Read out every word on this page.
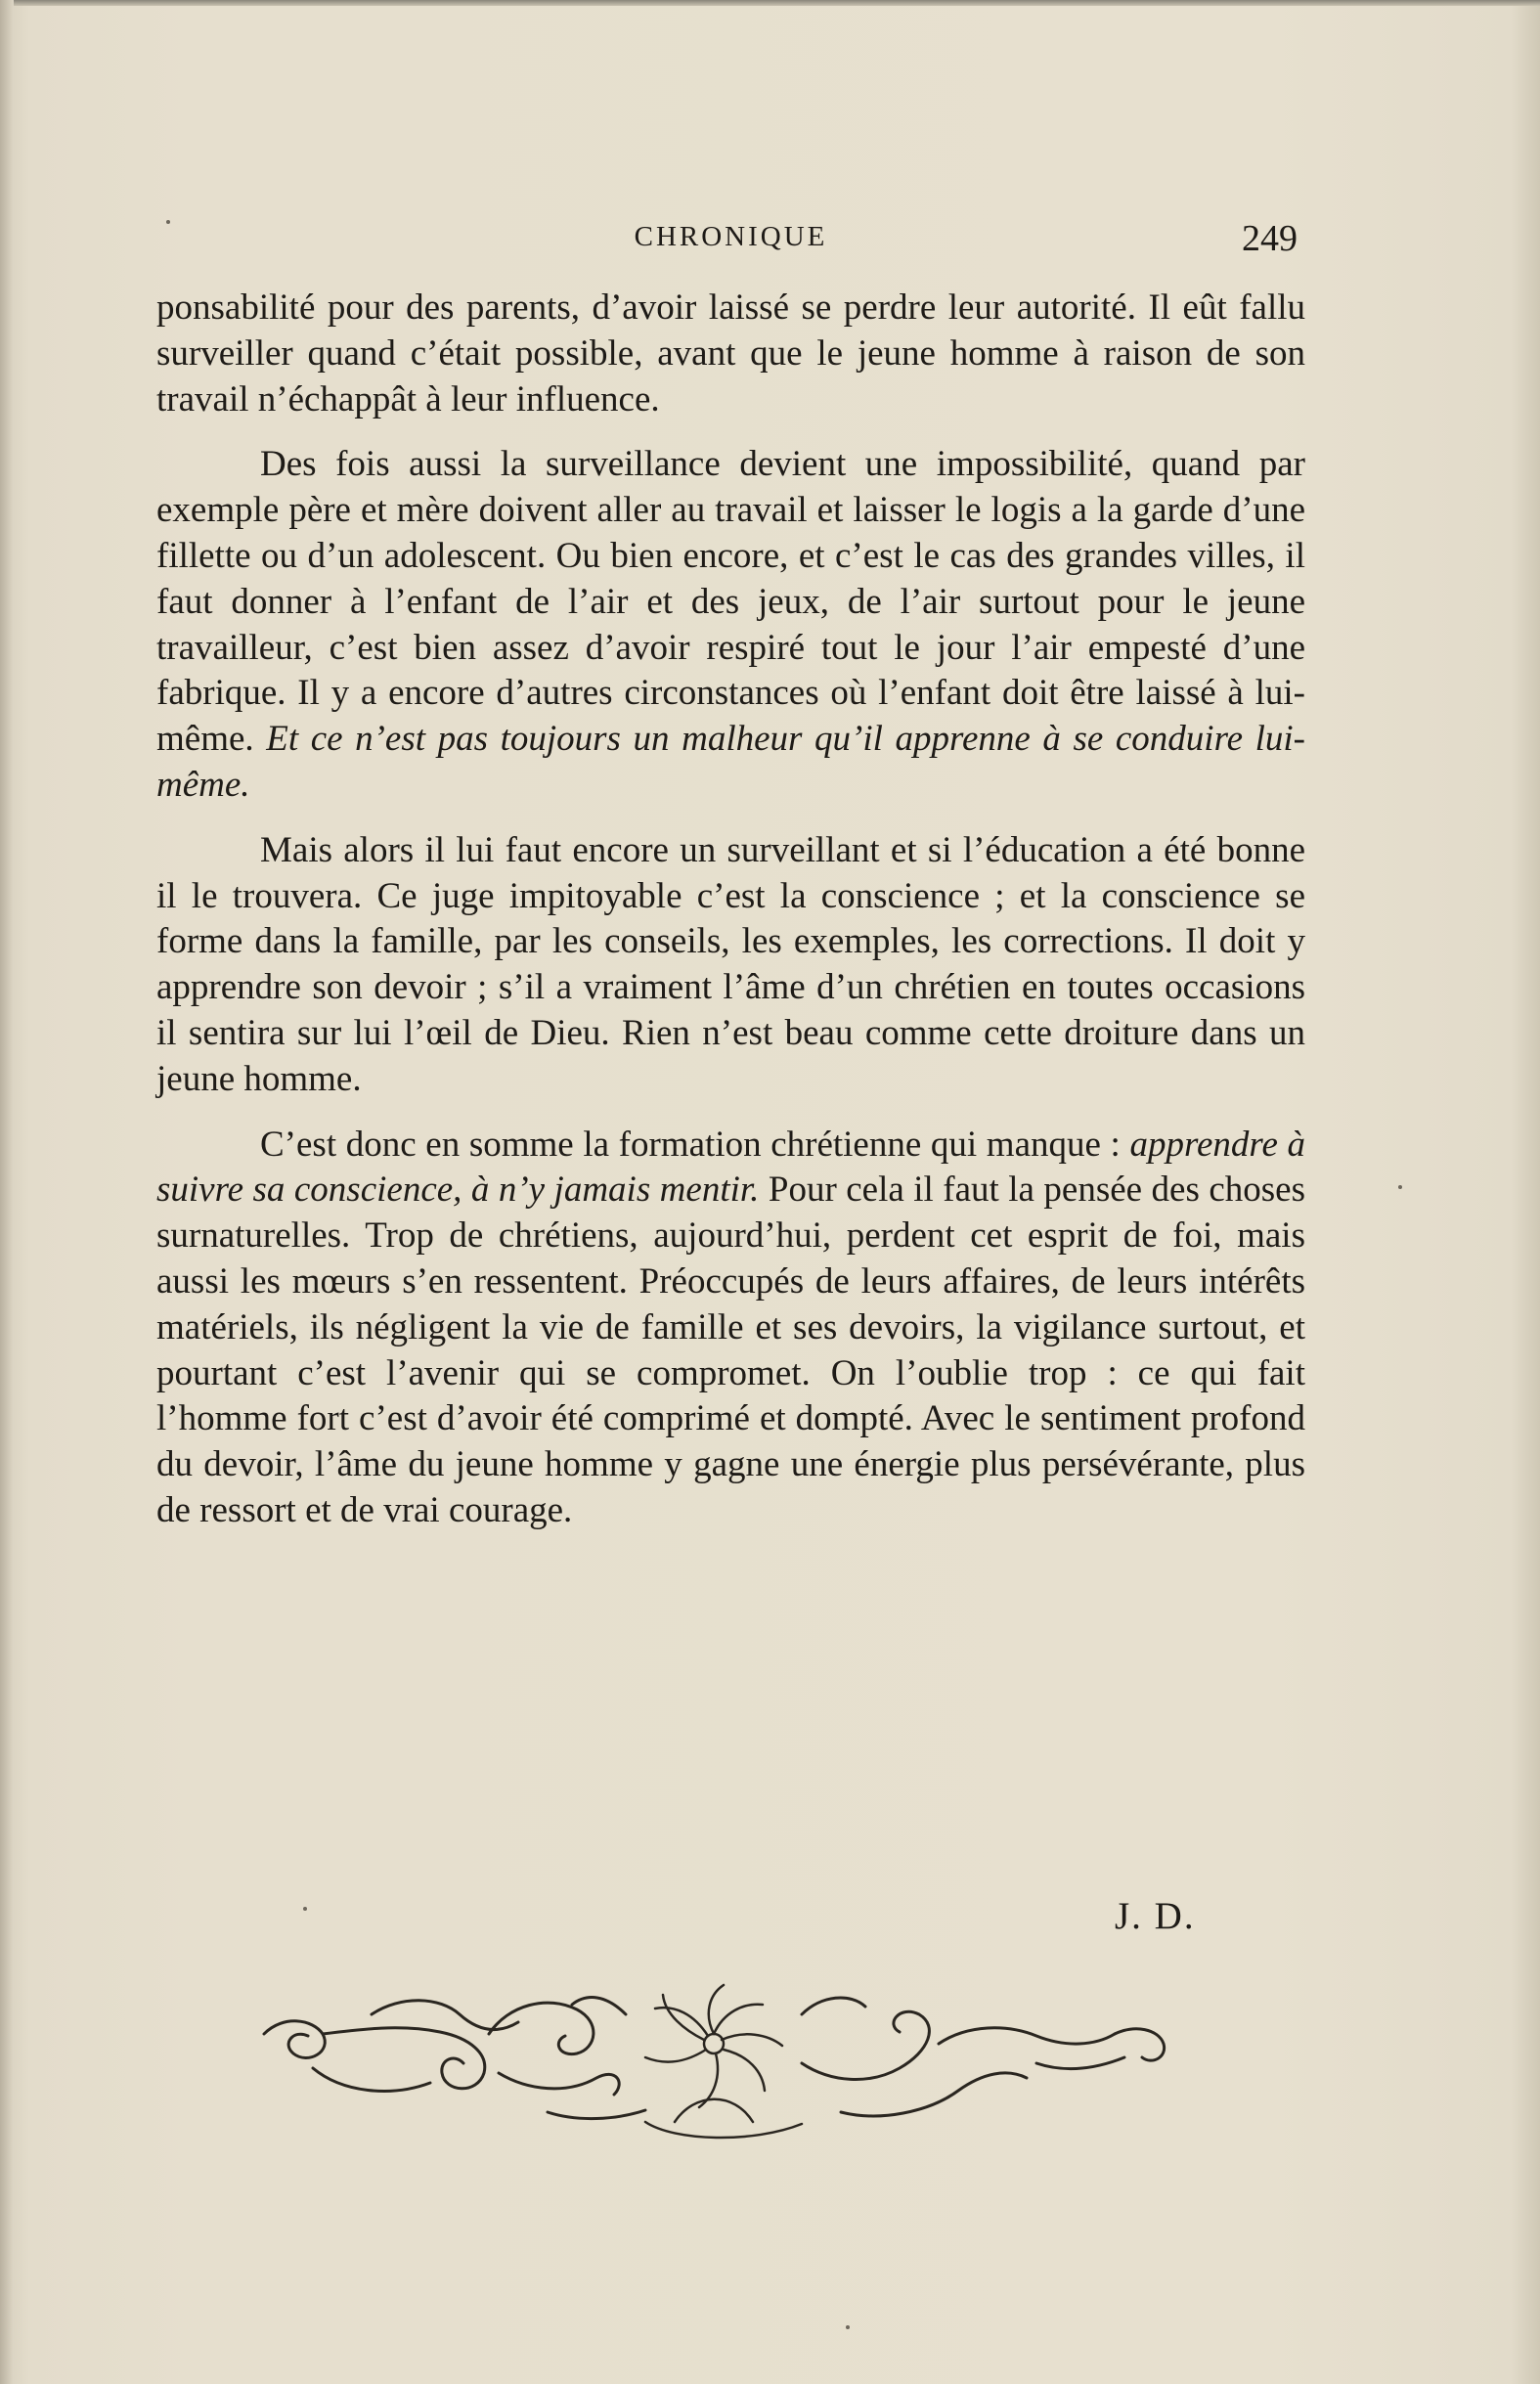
CHRONIQUE	249

ponsabilité pour des parents, d’avoir laissé se perdre leur autorité. Il eût fallu surveiller quand c’était possible, avant que le jeune homme à raison de son travail n’échappât à leur influence.

Des fois aussi la surveillance devient une impossibilité, quand par exemple père et mère doivent aller au travail et laisser le logis a la garde d’une fillette ou d’un adolescent. Ou bien encore, et c’est le cas des grandes villes, il faut donner à l’enfant de l’air et des jeux, de l’air surtout pour le jeune travailleur, c’est bien assez d’avoir respiré tout le jour l’air empesté d’une fabrique. Il y a encore d’autres circonstances où l’enfant doit être laissé à lui-même. Et ce n’est pas toujours un malheur qu’il apprenne à se conduire lui-même.

Mais alors il lui faut encore un surveillant et si l’éducation a été bonne il le trouvera. Ce juge impitoyable c’est la conscience ; et la conscience se forme dans la famille, par les conseils, les exemples, les corrections. Il doit y apprendre son devoir ; s’il a vraiment l’âme d’un chrétien en toutes occasions il sentira sur lui l’œil de Dieu. Rien n’est beau comme cette droiture dans un jeune homme.

C’est donc en somme la formation chrétienne qui manque : apprendre à suivre sa conscience, à n’y jamais mentir. Pour cela il faut la pensée des choses surnaturelles. Trop de chrétiens, aujourd’hui, perdent cet esprit de foi, mais aussi les mœurs s’en ressentent. Préoccupés de leurs affaires, de leurs intérêts matériels, ils négligent la vie de famille et ses devoirs, la vigilance surtout, et pourtant c’est l’avenir qui se compromet. On l’oublie trop : ce qui fait l’homme fort c’est d’avoir été comprimé et dompté. Avec le sentiment profond du devoir, l’âme du jeune homme y gagne une énergie plus persévérante, plus de ressort et de vrai courage.

J. D.
